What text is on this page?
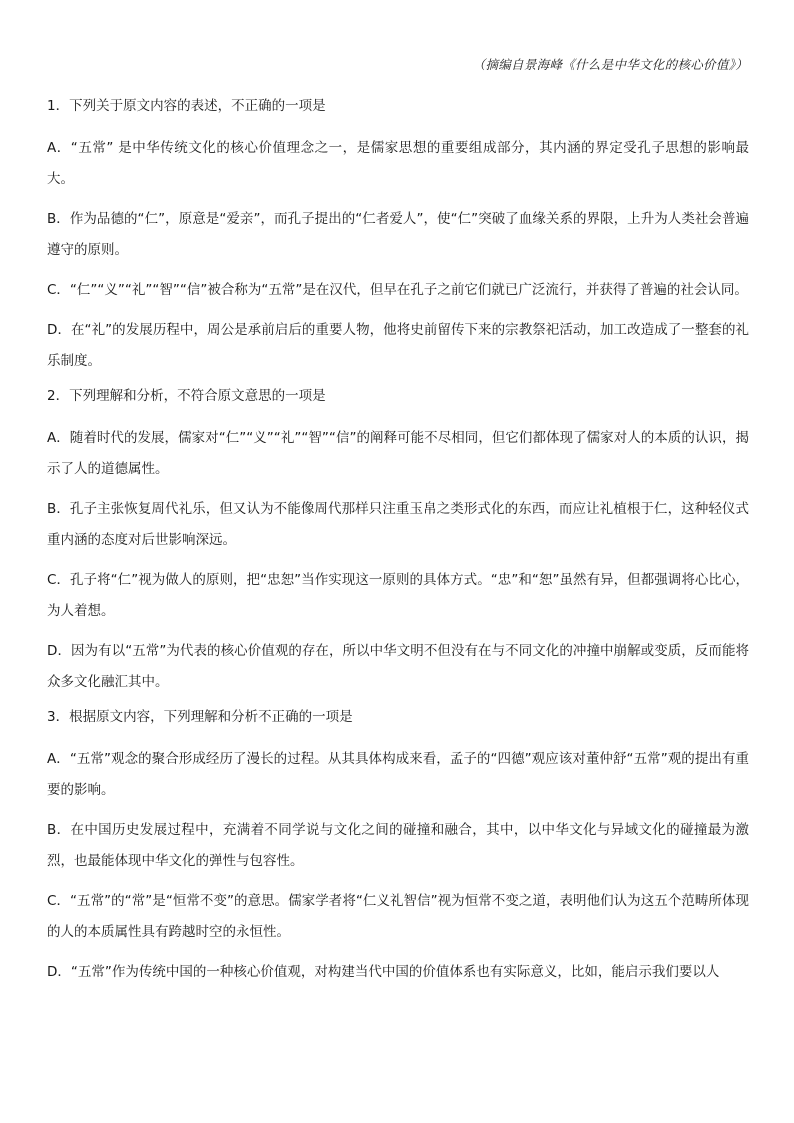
（摘编自景海峰《什么是中华文化的核心价值》）
1．下列关于原文内容的表述，不正确的一项是
A．“五常” 是中华传统文化的核心价值理念之一，是儒家思想的重要组成部分，其内涵的界定受孔子思想的影响最大。
B．作为品德的“仁”，原意是“爱亲”，而孔子提出的“仁者爱人”，使“仁”突破了血缘关系的界限，上升为人类社会普遍遵守的原则。
C．“仁”“义”“礼”“智”“信”被合称为“五常”是在汉代，但早在孔子之前它们就已广泛流行，并获得了普遍的社会认同。
D．在“礼”的发展历程中，周公是承前启后的重要人物，他将史前留传下来的宗教祭祀活动，加工改造成了一整套的礼乐制度。
2．下列理解和分析，不符合原文意思的一项是
A．随着时代的发展，儒家对“仁”“义”“礼”“智”“信”的阐释可能不尽相同，但它们都体现了儒家对人的本质的认识，揭示了人的道德属性。
B．孔子主张恢复周代礼乐，但又认为不能像周代那样只注重玉帛之类形式化的东西，而应让礼植根于仁，这种轻仪式重内涵的态度对后世影响深远。
C．孔子将“仁”视为做人的原则，把“忠恕”当作实现这一原则的具体方式。“忠”和“恕”虽然有异，但都强调将心比心，为人着想。
D．因为有以“五常”为代表的核心价值观的存在，所以中华文明不但没有在与不同文化的冲撞中崩解或变质，反而能将众多文化融汇其中。
3．根据原文内容，下列理解和分析不正确的一项是
A．“五常”观念的聚合形成经历了漫长的过程。从其具体构成来看，孟子的“四德”观应该对董仲舒“五常”观的提出有重要的影响。
B．在中国历史发展过程中，充满着不同学说与文化之间的碰撞和融合，其中，以中华文化与异域文化的碰撞最为激烈，也最能体现中华文化的弹性与包容性。
C．“五常”的“常”是“恒常不变”的意思。儒家学者将“仁义礼智信”视为恒常不变之道，表明他们认为这五个范畴所体现的人的本质属性具有跨越时空的永恒性。
D．“五常”作为传统中国的一种核心价值观，对构建当代中国的价值体系也有实际意义，比如，能启示我们要以人
